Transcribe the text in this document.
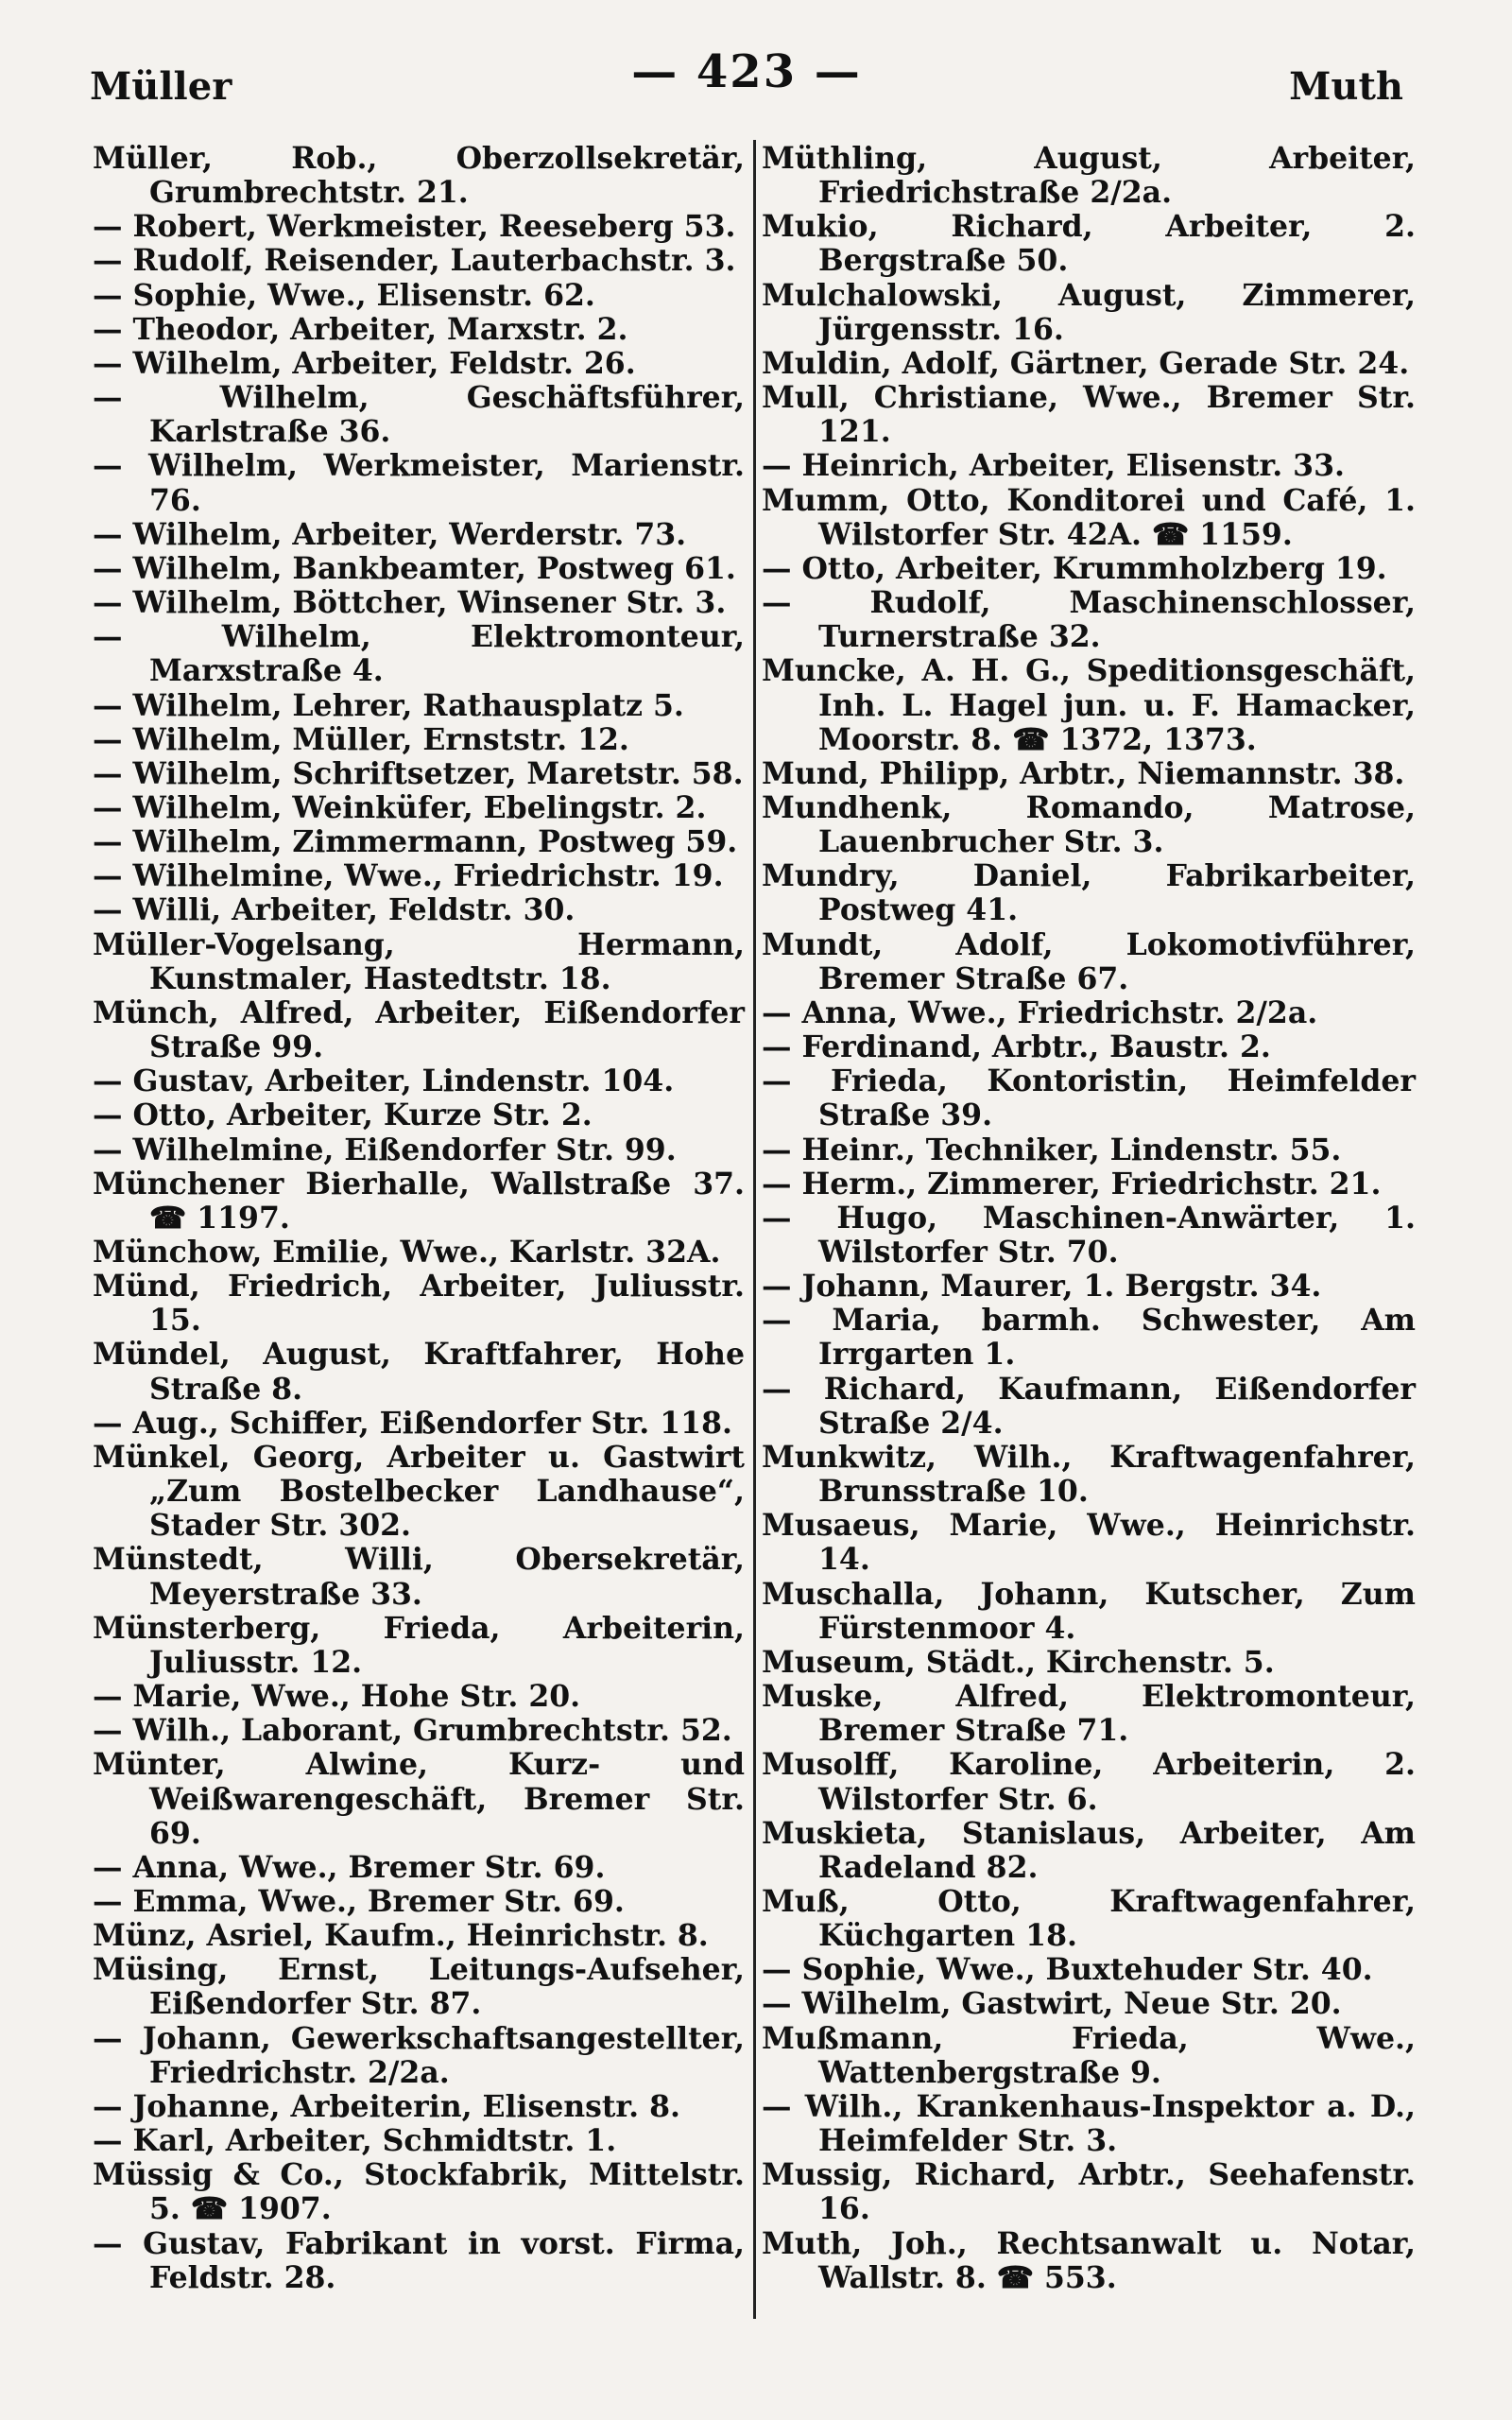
Müller	— 423 —	Muth
Müller, Rob., Oberzollsekretär, Grumbrechtstr. 21.
— Robert, Werkmeister, Reeseberg 53.
— Rudolf, Reisender, Lauterbachstr. 3.
— Sophie, Wwe., Elisenstr. 62.
— Theodor, Arbeiter, Marxstr. 2.
— Wilhelm, Arbeiter, Feldstr. 26.
— Wilhelm, Geschäftsführer, Karlstraße 36.
— Wilhelm, Werkmeister, Marienstr. 76.
— Wilhelm, Arbeiter, Werderstr. 73.
— Wilhelm, Bankbeamter, Postweg 61.
— Wilhelm, Böttcher, Winsener Str. 3.
— Wilhelm, Elektromonteur, Marxstraße 4.
— Wilhelm, Lehrer, Rathausplatz 5.
— Wilhelm, Müller, Ernststr. 12.
— Wilhelm, Schriftsetzer, Maretstr. 58.
— Wilhelm, Weinküfer, Ebelingstr. 2.
— Wilhelm, Zimmermann, Postweg 59.
— Wilhelmine, Wwe., Friedrichstr. 19.
— Willi, Arbeiter, Feldstr. 30.
Müller-Vogelsang, Hermann, Kunstmaler, Hastedtstr. 18.
Münch, Alfred, Arbeiter, Eißendorfer Straße 99.
— Gustav, Arbeiter, Lindenstr. 104.
— Otto, Arbeiter, Kurze Str. 2.
— Wilhelmine, Eißendorfer Str. 99.
Münchener Bierhalle, Wallstraße 37. ☎ 1197.
Münchow, Emilie, Wwe., Karlstr. 32A.
Münd, Friedrich, Arbeiter, Juliusstr. 15.
Mündel, August, Kraftfahrer, Hohe Straße 8.
— Aug., Schiffer, Eißendorfer Str. 118.
Münkel, Georg, Arbeiter u. Gastwirt „Zum Bostelbecker Landhause“, Stader Str. 302.
Münstedt, Willi, Obersekretär, Meyerstraße 33.
Münsterberg, Frieda, Arbeiterin, Juliusstr. 12.
— Marie, Wwe., Hohe Str. 20.
— Wilh., Laborant, Grumbrechtstr. 52.
Münter, Alwine, Kurz- und Weißwarengeschäft, Bremer Str. 69.
— Anna, Wwe., Bremer Str. 69.
— Emma, Wwe., Bremer Str. 69.
Münz, Asriel, Kaufm., Heinrichstr. 8.
Müsing, Ernst, Leitungs-Aufseher, Eißendorfer Str. 87.
— Johann, Gewerkschaftsangestellter, Friedrichstr. 2/2a.
— Johanne, Arbeiterin, Elisenstr. 8.
— Karl, Arbeiter, Schmidtstr. 1.
Müssig & Co., Stockfabrik, Mittelstr. 5. ☎ 1907.
— Gustav, Fabrikant in vorst. Firma, Feldstr. 28.
Müthling, August, Arbeiter, Friedrichstraße 2/2a.
Mukio, Richard, Arbeiter, 2. Bergstraße 50.
Mulchalowski, August, Zimmerer, Jürgensstr. 16.
Muldin, Adolf, Gärtner, Gerade Str. 24.
Mull, Christiane, Wwe., Bremer Str. 121.
— Heinrich, Arbeiter, Elisenstr. 33.
Mumm, Otto, Konditorei und Café, 1. Wilstorfer Str. 42A. ☎ 1159.
— Otto, Arbeiter, Krummholzberg 19.
— Rudolf, Maschinenschlosser, Turnerstraße 32.
Muncke, A. H. G., Speditionsgeschäft, Inh. L. Hagel jun. u. F. Hamacker, Moorstr. 8. ☎ 1372, 1373.
Mund, Philipp, Arbtr., Niemannstr. 38.
Mundhenk, Romando, Matrose, Lauenbrucher Str. 3.
Mundry, Daniel, Fabrikarbeiter, Postweg 41.
Mundt, Adolf, Lokomotivführer, Bremer Straße 67.
— Anna, Wwe., Friedrichstr. 2/2a.
— Ferdinand, Arbtr., Baustr. 2.
— Frieda, Kontoristin, Heimfelder Straße 39.
— Heinr., Techniker, Lindenstr. 55.
— Herm., Zimmerer, Friedrichstr. 21.
— Hugo, Maschinen-Anwärter, 1. Wilstorfer Str. 70.
— Johann, Maurer, 1. Bergstr. 34.
— Maria, barmh. Schwester, Am Irrgarten 1.
— Richard, Kaufmann, Eißendorfer Straße 2/4.
Munkwitz, Wilh., Kraftwagenfahrer, Brunsstraße 10.
Musaeus, Marie, Wwe., Heinrichstr. 14.
Muschalla, Johann, Kutscher, Zum Fürstenmoor 4.
Museum, Städt., Kirchenstr. 5.
Muske, Alfred, Elektromonteur, Bremer Straße 71.
Musolff, Karoline, Arbeiterin, 2. Wilstorfer Str. 6.
Muskieta, Stanislaus, Arbeiter, Am Radeland 82.
Muß, Otto, Kraftwagenfahrer, Küchgarten 18.
— Sophie, Wwe., Buxtehuder Str. 40.
— Wilhelm, Gastwirt, Neue Str. 20.
Mußmann, Frieda, Wwe., Wattenbergstraße 9.
— Wilh., Krankenhaus-Inspektor a. D., Heimfelder Str. 3.
Mussig, Richard, Arbtr., Seehafenstr. 16.
Muth, Joh., Rechtsanwalt u. Notar, Wallstr. 8. ☎ 553.
